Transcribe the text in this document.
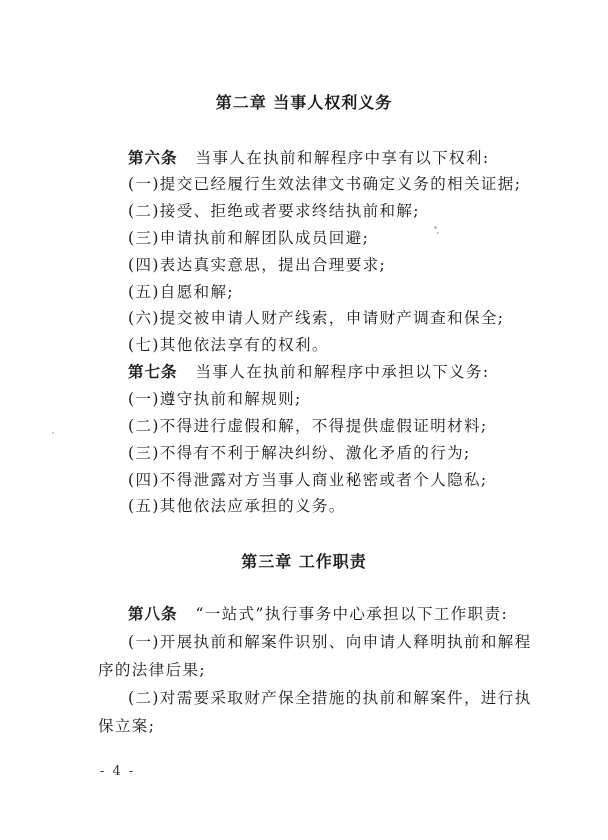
第二章 当事人权利义务
第六条 当事人在执前和解程序中享有以下权利:
(一)提交已经履行生效法律文书确定义务的相关证据;
(二)接受、拒绝或者要求终结执前和解;
(三)申请执前和解团队成员回避;
(四)表达真实意思，提出合理要求;
(五)自愿和解;
(六)提交被申请人财产线索，申请财产调查和保全;
(七)其他依法享有的权利。
第七条 当事人在执前和解程序中承担以下义务:
(一)遵守执前和解规则;
(二)不得进行虚假和解，不得提供虚假证明材料;
(三)不得有不利于解决纠纷、激化矛盾的行为;
(四)不得泄露对方当事人商业秘密或者个人隐私;
(五)其他依法应承担的义务。
第三章 工作职责
第八条 “一站式”执行事务中心承担以下工作职责:
(一)开展执前和解案件识别、向申请人释明执前和解程
序的法律后果;
(二)对需要采取财产保全措施的执前和解案件，进行执
保立案;
- 4 -
